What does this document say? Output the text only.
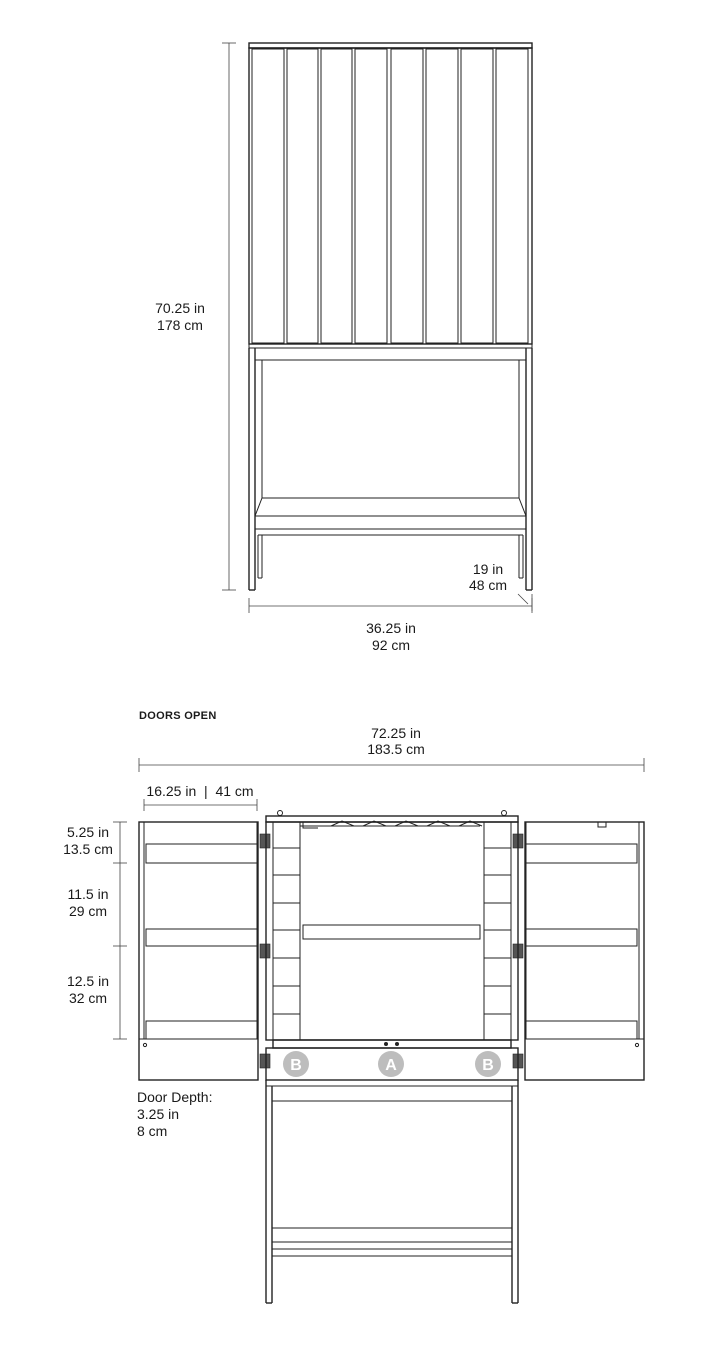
70.25 in
178 cm
19 in
48 cm
36.25 in
92 cm
DOORS OPEN
72.25 in
183.5 cm
16.25 in  |  41 cm
5.25 in
13.5 cm
11.5 in
29 cm
12.5 in
32 cm
B	A	B
Door Depth:
3.25 in
8 cm
